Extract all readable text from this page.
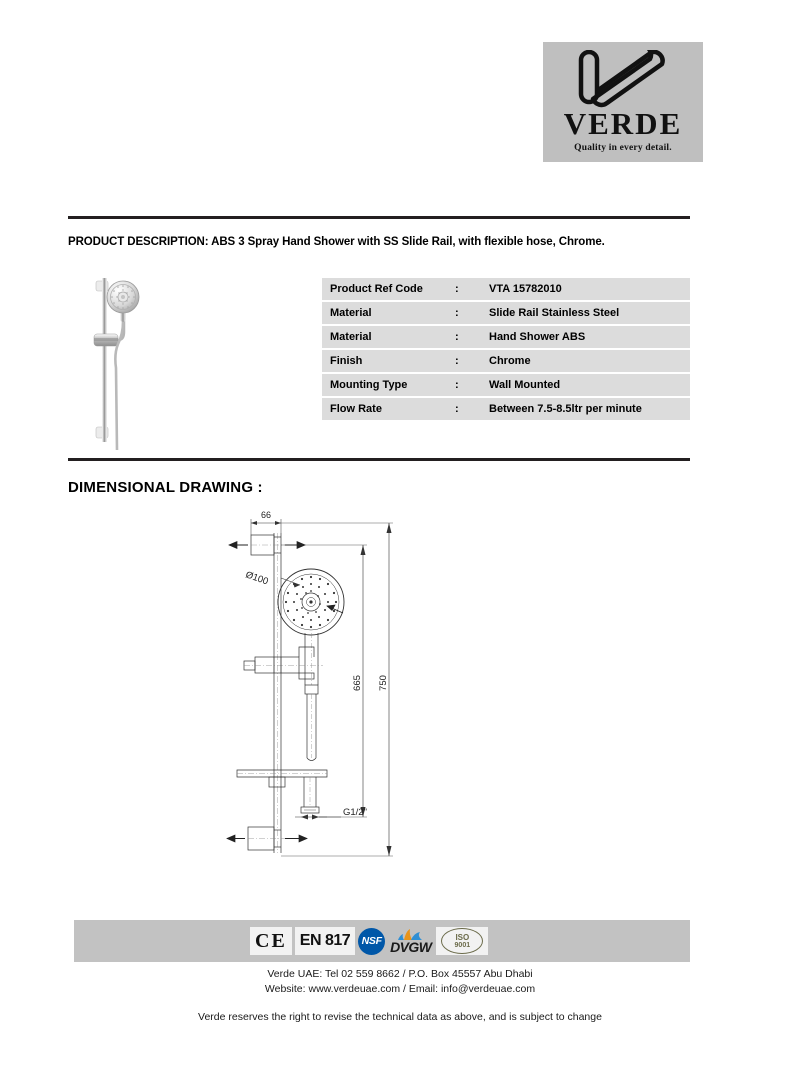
VERDE
Quality in every detail.
PRODUCT DESCRIPTION: ABS 3 Spray Hand Shower with SS Slide Rail, with flexible hose, Chrome.
Product Ref Code	:	VTA 15782010
Material	:	Slide Rail Stainless Steel
Material	:	Hand Shower ABS
Finish	:	Chrome
Mounting Type	:	Wall Mounted
Flow Rate	:	Between 7.5-8.5ltr per minute
DIMENSIONAL DRAWING :
66
Ø100
665 750
G1/2"
CE EN 817 NSF DVGW
ISO
9001
Verde UAE: Tel 02 559 8662 / P.O. Box 45557 Abu Dhabi
Website: www.verdeuae.com / Email: info@verdeuae.com
Verde reserves the right to revise the technical data as above, and is subject to change
